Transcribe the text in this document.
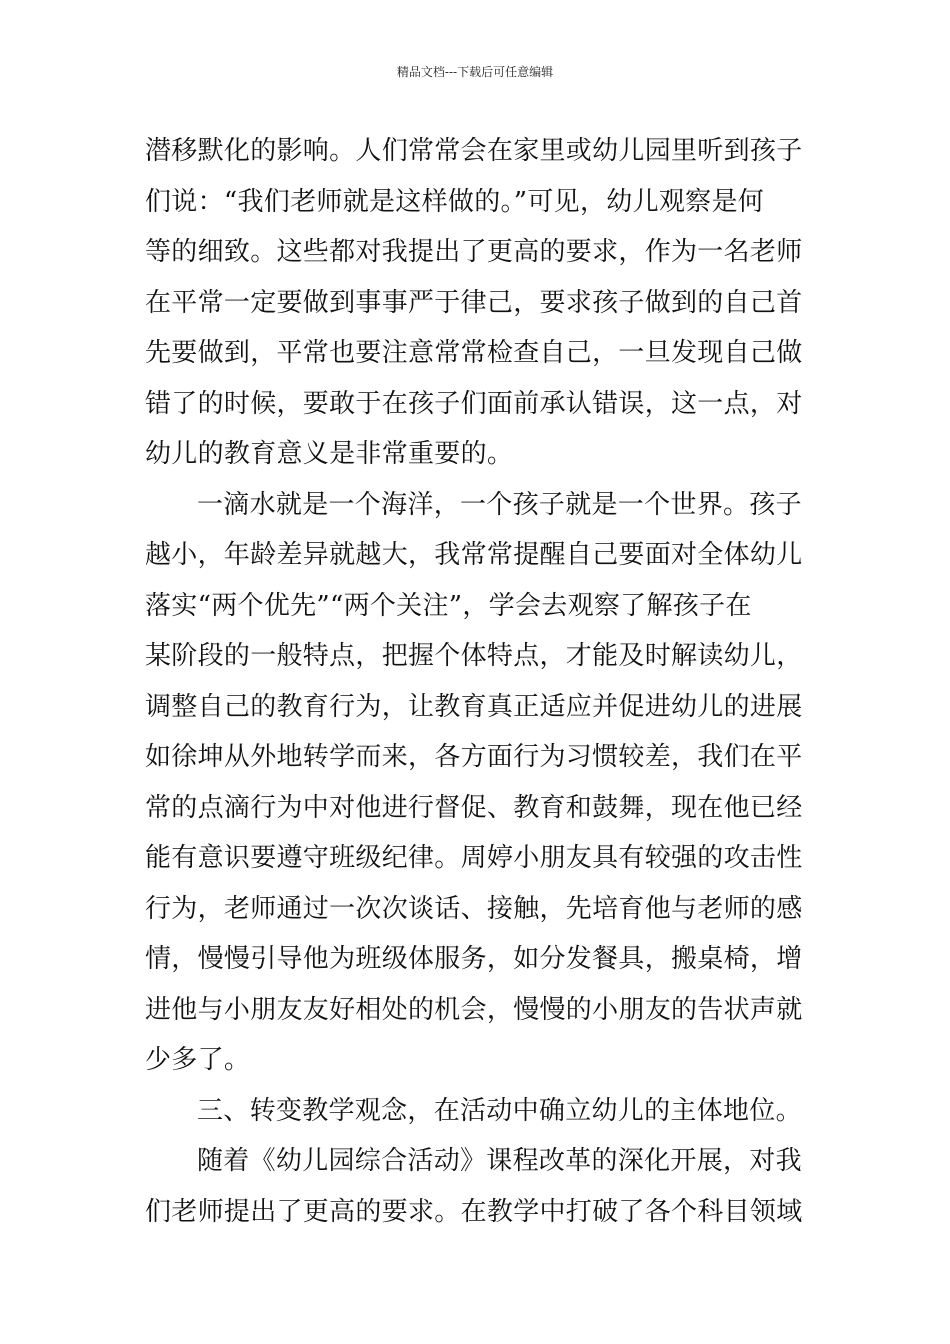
精品文档---下载后可任意编辑
潜移默化的影响。人们常常会在家里或幼儿园里听到孩子
们说：“我们老师就是这样做的。”可见，幼儿观察是何
等的细致。这些都对我提出了更高的要求，作为一名老师
在平常一定要做到事事严于律己，要求孩子做到的自己首
先要做到，平常也要注意常常检查自己，一旦发现自己做
错了的时候，要敢于在孩子们面前承认错误，这一点，对
幼儿的教育意义是非常重要的。
一滴水就是一个海洋，一个孩子就是一个世界。孩子
越小，年龄差异就越大，我常常提醒自己要面对全体幼儿
落实“两个优先”“两个关注”，学会去观察了解孩子在
某阶段的一般特点，把握个体特点，才能及时解读幼儿，
调整自己的教育行为，让教育真正适应并促进幼儿的进展
如徐坤从外地转学而来，各方面行为习惯较差，我们在平
常的点滴行为中对他进行督促、教育和鼓舞，现在他已经
能有意识要遵守班级纪律。周婷小朋友具有较强的攻击性
行为，老师通过一次次谈话、接触，先培育他与老师的感
情，慢慢引导他为班级体服务，如分发餐具，搬桌椅，增
进他与小朋友友好相处的机会，慢慢的小朋友的告状声就
少多了。
三、转变教学观念，在活动中确立幼儿的主体地位。
随着《幼儿园综合活动》课程改革的深化开展，对我
们老师提出了更高的要求。在教学中打破了各个科目领域
